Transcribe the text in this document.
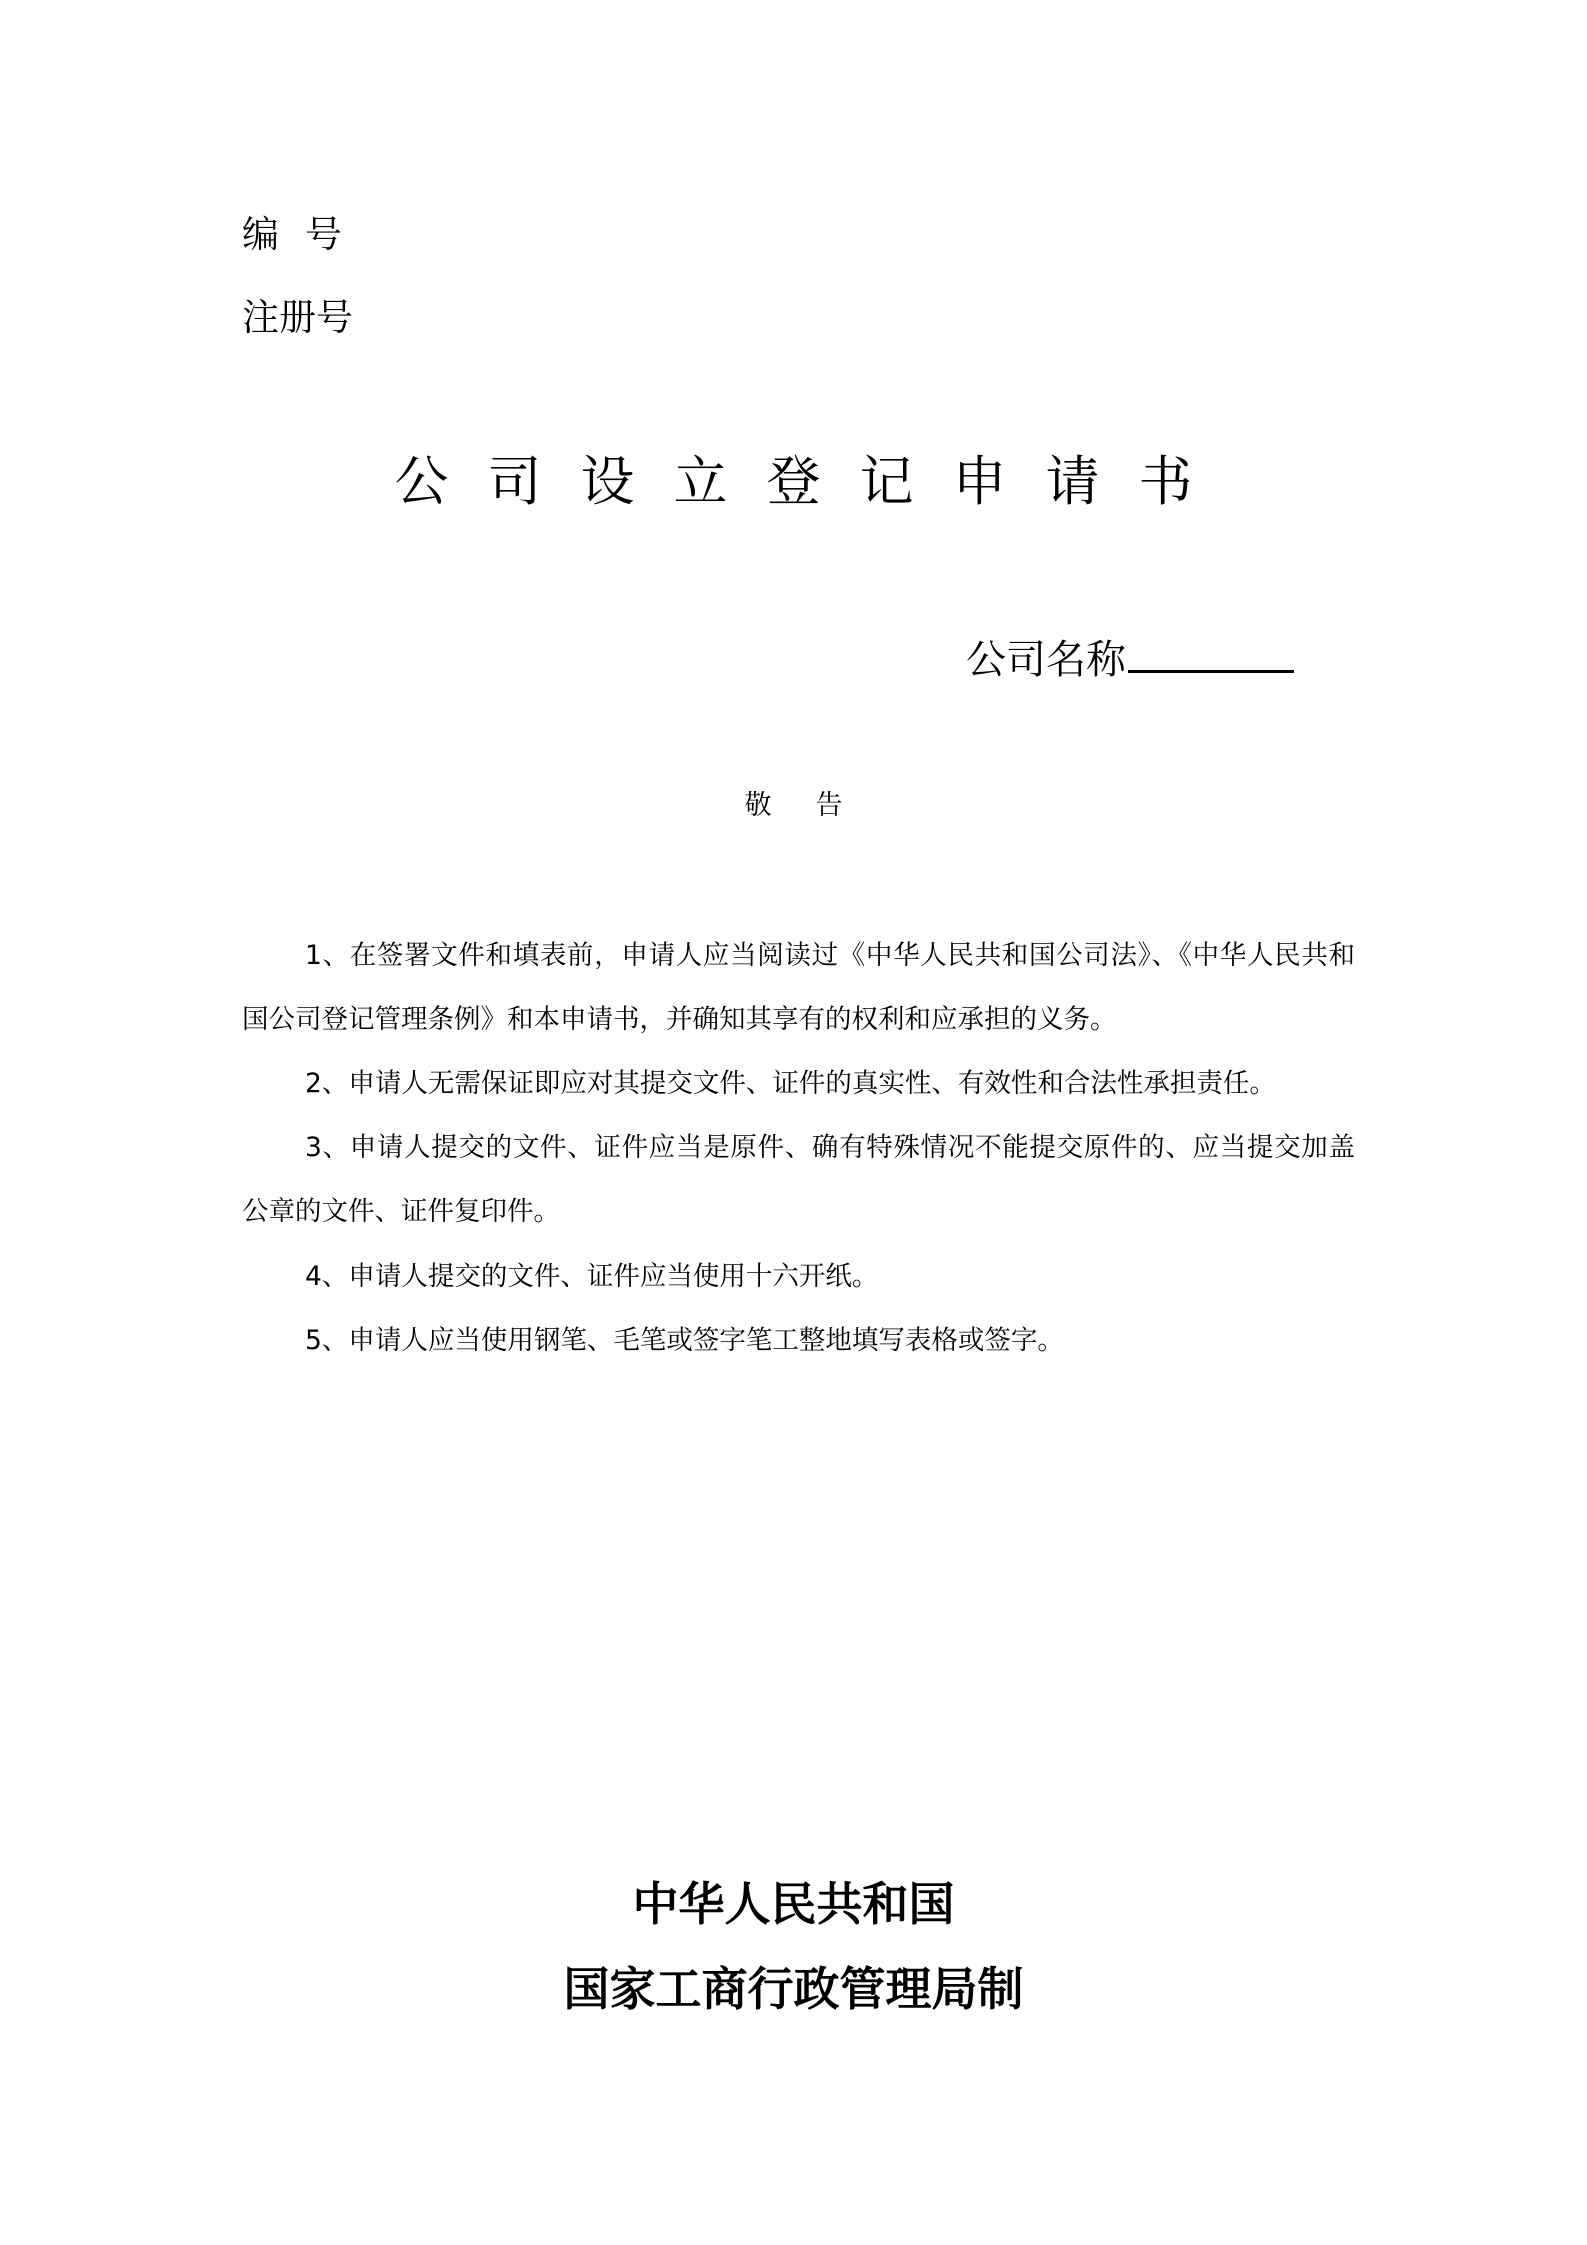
编 号
注册号
公司设立登记申请书
公司名称
敬 告
1、在签署文件和填表前，申请人应当阅读过《中华人民共和国公司法》、《中华人民共和国公司登记管理条例》和本申请书，并确知其享有的权利和应承担的义务。
2、申请人无需保证即应对其提交文件、证件的真实性、有效性和合法性承担责任。
3、申请人提交的文件、证件应当是原件、确有特殊情况不能提交原件的、应当提交加盖公章的文件、证件复印件。
4、申请人提交的文件、证件应当使用十六开纸。
5、申请人应当使用钢笔、毛笔或签字笔工整地填写表格或签字。
中华人民共和国
国家工商行政管理局制
